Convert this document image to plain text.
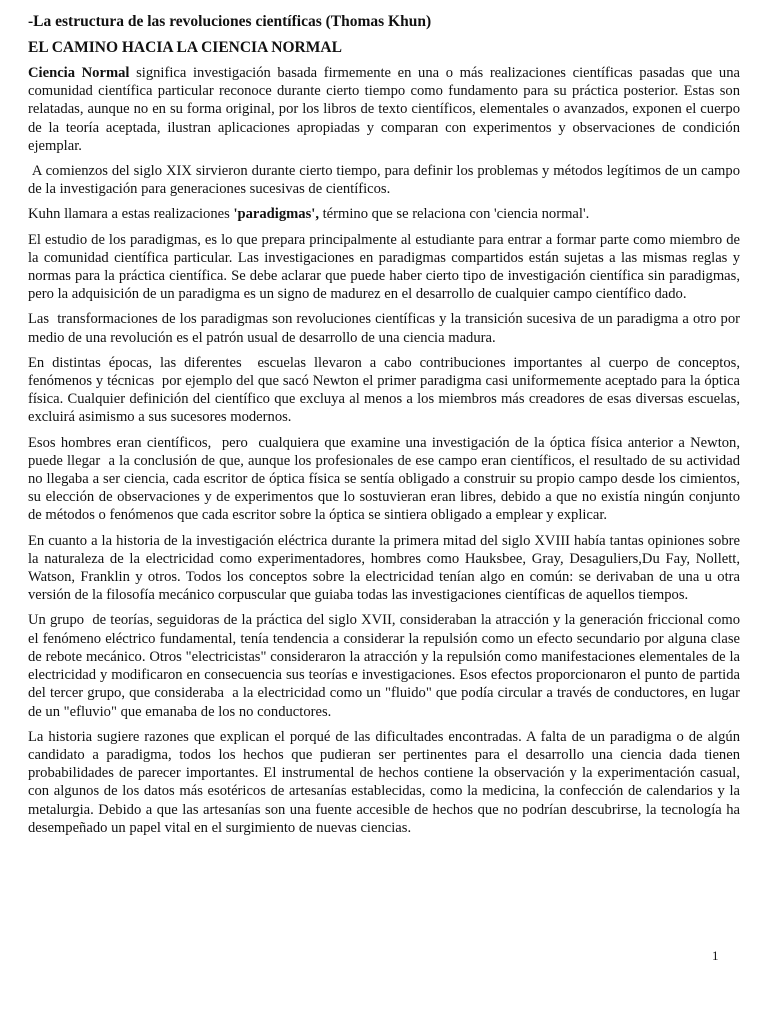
-La estructura de las revoluciones científicas (Thomas Khun)
EL CAMINO HACIA LA CIENCIA NORMAL

Ciencia Normal significa investigación basada firmemente en una o más realizaciones científicas pasadas que una comunidad científica particular reconoce durante cierto tiempo como fundamento para su práctica posterior. Estas son relatadas, aunque no en su forma original, por los libros de texto científicos, elementales o avanzados, exponen el cuerpo de la teoría aceptada, ilustran aplicaciones apropiadas y comparan con experimentos y observaciones de condición ejemplar.

A comienzos del siglo XIX sirvieron durante cierto tiempo, para definir los problemas y métodos legítimos de un campo de la investigación para generaciones sucesivas de científicos.

Kuhn llamara a estas realizaciones 'paradigmas', término que se relaciona con 'ciencia normal'.

El estudio de los paradigmas, es lo que prepara principalmente al estudiante para entrar a formar parte como miembro de la comunidad científica particular. Las investigaciones en paradigmas compartidos están sujetas a las mismas reglas y normas para la práctica científica. Se debe aclarar que puede haber cierto tipo de investigación científica sin paradigmas, pero la adquisición de un paradigma es un signo de madurez en el desarrollo de cualquier campo científico dado.

Las  transformaciones de los paradigmas son revoluciones científicas y la transición sucesiva de un paradigma a otro por medio de una revolución es el patrón usual de desarrollo de una ciencia madura.

En distintas épocas, las diferentes  escuelas llevaron a cabo contribuciones importantes al cuerpo de conceptos, fenómenos y técnicas  por ejemplo del que sacó Newton el primer paradigma casi uniformemente aceptado para la óptica física. Cualquier definición del científico que excluya al menos a los miembros más creadores de esas diversas escuelas, excluirá asimismo a sus sucesores modernos.

Esos hombres eran científicos,  pero  cualquiera que examine una investigación de la óptica física anterior a Newton, puede llegar  a la conclusión de que, aunque los profesionales de ese campo eran científicos, el resultado de su actividad no llegaba a ser ciencia, cada escritor de óptica física se sentía obligado a construir su propio campo desde los cimientos, su elección de observaciones y de experimentos que lo sostuvieran eran libres, debido a que no existía ningún conjunto de métodos o fenómenos que cada escritor sobre la óptica se sintiera obligado a emplear y explicar.

En cuanto a la historia de la investigación eléctrica durante la primera mitad del siglo XVIII había tantas opiniones sobre la naturaleza de la electricidad como experimentadores, hombres como Hauksbee, Gray, Desaguliers,Du Fay, Nollett, Watson, Franklin y otros. Todos los conceptos sobre la electricidad tenían algo en común: se derivaban de una u otra versión de la filosofía mecánico corpuscular que guiaba todas las investigaciones científicas de aquellos tiempos.

Un grupo  de teorías, seguidoras de la práctica del siglo XVII, consideraban la atracción y la generación friccional como el fenómeno eléctrico fundamental, tenía tendencia a considerar la repulsión como un efecto secundario por alguna clase de rebote mecánico. Otros "electricistas" consideraron la atracción y la repulsión como manifestaciones elementales de la electricidad y modificaron en consecuencia sus teorías e investigaciones. Esos efectos proporcionaron el punto de partida del tercer grupo, que consideraba  a la electricidad como un "fluido" que podía circular a través de conductores, en lugar de un "efluvio" que emanaba de los no conductores.

La historia sugiere razones que explican el porqué de las dificultades encontradas. A falta de un paradigma o de algún candidato a paradigma, todos los hechos que pudieran ser pertinentes para el desarrollo una ciencia dada tienen probabilidades de parecer importantes. El instrumental de hechos contiene la observación y la experimentación casual, con algunos de los datos más esotéricos de artesanías establecidas, como la medicina, la confección de calendarios y la metalurgia. Debido a que las artesanías son una fuente accesible de hechos que no podrían descubrirse, la tecnología ha desempeñado un papel vital en el surgimiento de nuevas ciencias.

1
